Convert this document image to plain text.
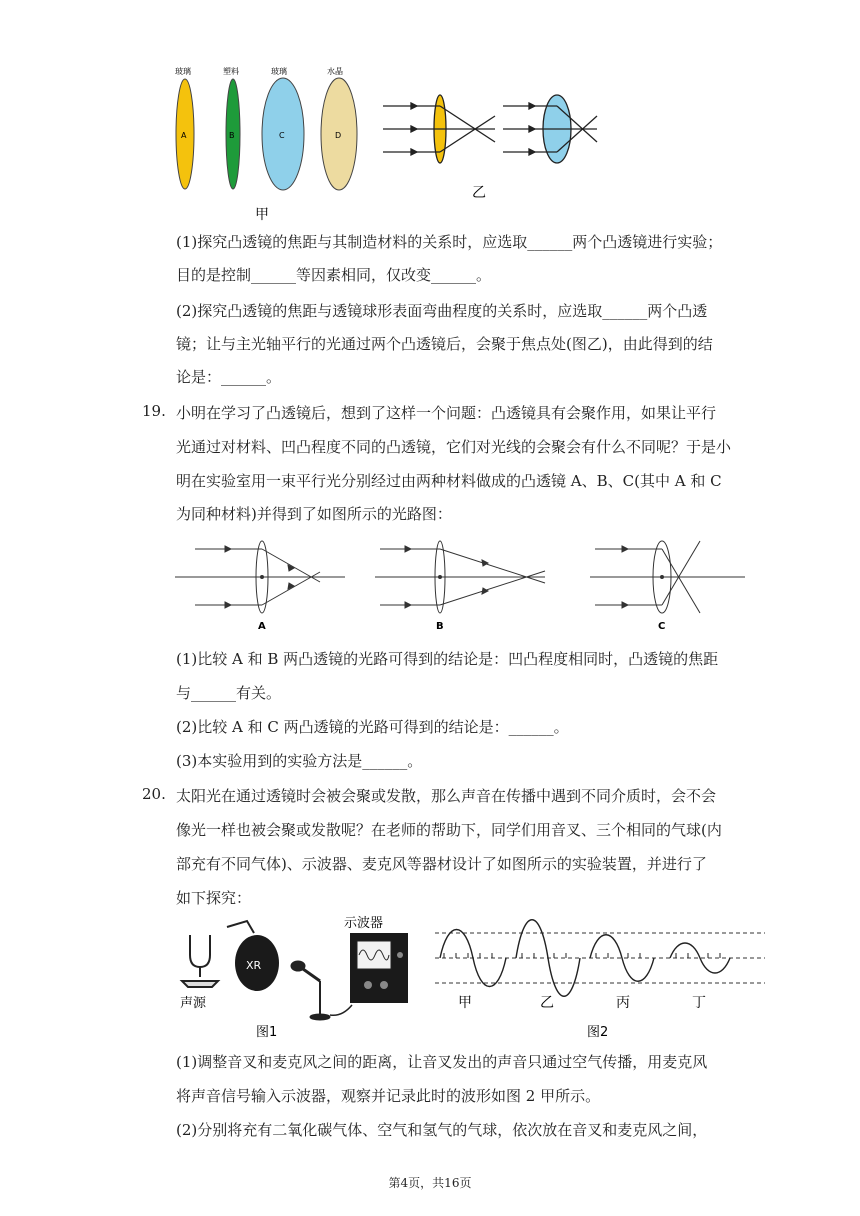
玻璃	塑料	玻璃	水晶
A	B	C	D
乙
甲
(1)探究凸透镜的焦距与其制造材料的关系时，应选取______两个凸透镜进行实验；
目的是控制______等因素相同，仅改变______。
(2)探究凸透镜的焦距与透镜球形表面弯曲程度的关系时，应选取______两个凸透
镜；让与主光轴平行的光通过两个凸透镜后，会聚于焦点处(图乙)，由此得到的结
论是：______。
19. 小明在学习了凸透镜后，想到了这样一个问题：凸透镜具有会聚作用，如果让平行
光通过对材料、凹凸程度不同的凸透镜，它们对光线的会聚会有什么不同呢？于是小
明在实验室用一束平行光分别经过由两种材料做成的凸透镜 A、B、C(其中 A 和 C
为同种材料)并得到了如图所示的光路图：
A	B	C
(1)比较 A 和 B 两凸透镜的光路可得到的结论是：凹凸程度相同时，凸透镜的焦距
与______有关。
(2)比较 A 和 C 两凸透镜的光路可得到的结论是：______。
(3)本实验用到的实验方法是______。
20. 太阳光在通过透镜时会被会聚或发散，那么声音在传播中遇到不同介质时，会不会
像光一样也被会聚或发散呢？在老师的帮助下，同学们用音叉、三个相同的气球(内
部充有不同气体)、示波器、麦克风等器材设计了如图所示的实验装置，并进行了
如下探究：
声源
XR
示波器
图1
甲	乙	丙	丁
图2
(1)调整音叉和麦克风之间的距离，让音叉发出的声音只通过空气传播，用麦克风
将声音信号输入示波器，观察并记录此时的波形如图 2 甲所示。
(2)分别将充有二氧化碳气体、空气和氢气的气球，依次放在音叉和麦克风之间，
第4页，共16页
